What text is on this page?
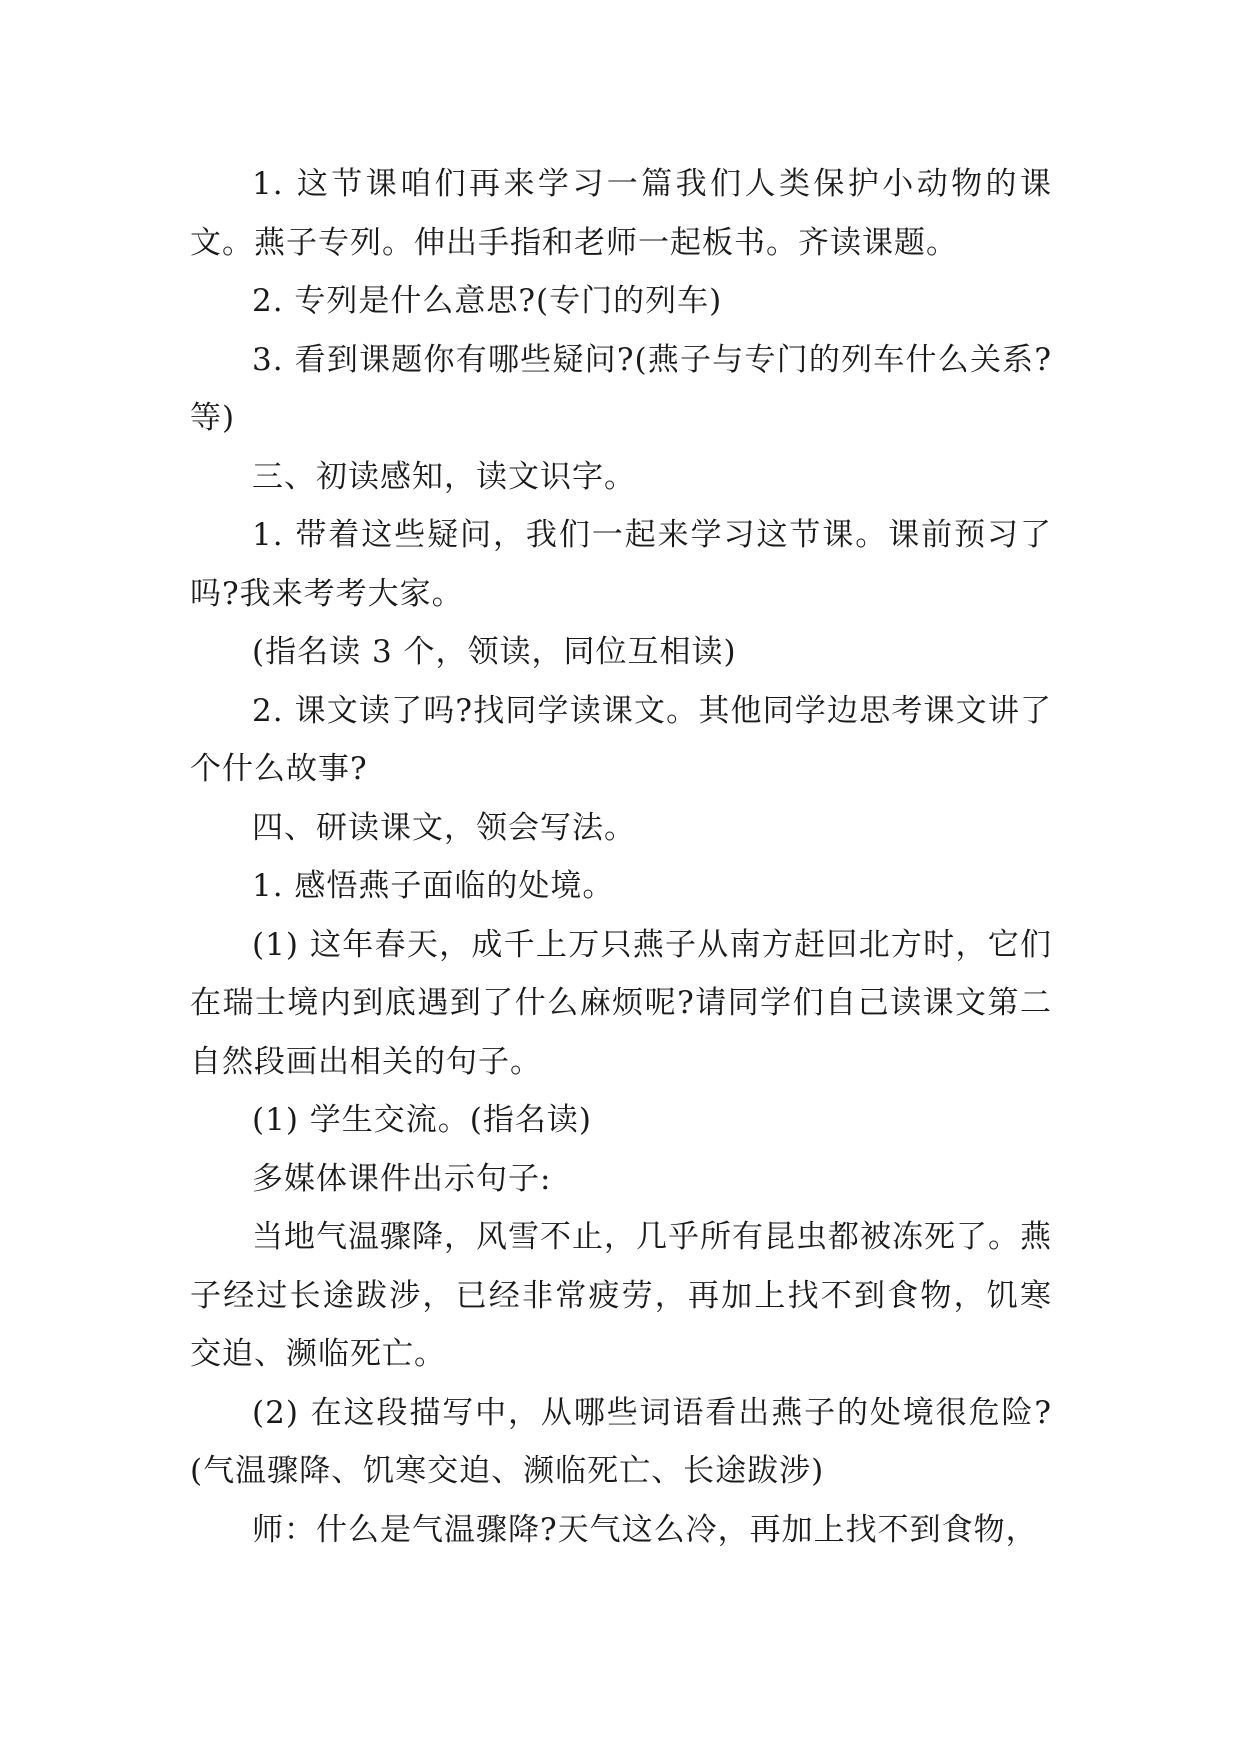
1. 这节课咱们再来学习一篇我们人类保护小动物的课文。燕子专列。伸出手指和老师一起板书。齐读课题。

2. 专列是什么意思?(专门的列车)

3. 看到课题你有哪些疑问?(燕子与专门的列车什么关系?等)

三、初读感知，读文识字。

1. 带着这些疑问，我们一起来学习这节课。课前预习了吗?我来考考大家。

(指名读 3 个，领读，同位互相读)

2. 课文读了吗?找同学读课文。其他同学边思考课文讲了个什么故事?

四、研读课文，领会写法。

1. 感悟燕子面临的处境。

(1) 这年春天，成千上万只燕子从南方赶回北方时，它们在瑞士境内到底遇到了什么麻烦呢?请同学们自己读课文第二自然段画出相关的句子。

(1) 学生交流。(指名读)

多媒体课件出示句子:

当地气温骤降，风雪不止，几乎所有昆虫都被冻死了。燕子经过长途跋涉，已经非常疲劳，再加上找不到食物，饥寒交迫、濒临死亡。

(2) 在这段描写中，从哪些词语看出燕子的处境很危险?(气温骤降、饥寒交迫、濒临死亡、长途跋涉)

师：什么是气温骤降?天气这么冷，再加上找不到食物，
